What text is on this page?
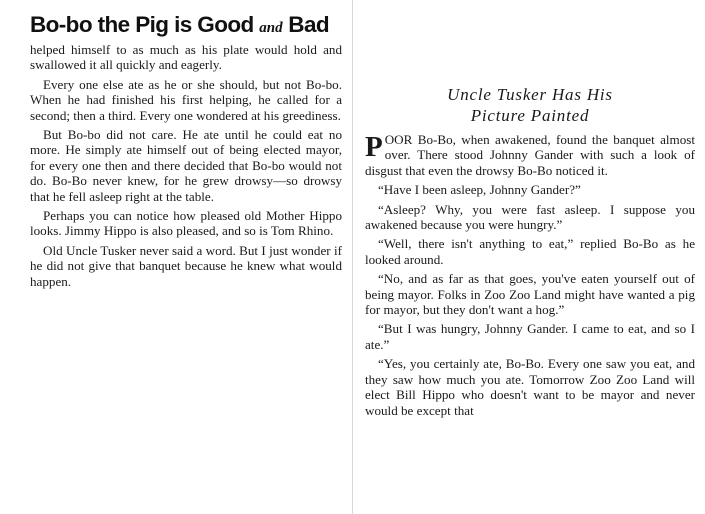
Bo-bo the Pig is Good and Bad

helped himself to as much as his plate would hold and swallowed it all quickly and eagerly.

Every one else ate as he or she should, but not Bo-bo. When he had finished his first helping, he called for a second; then a third. Every one wondered at his greediness.

But Bo-bo did not care. He ate until he could eat no more. He simply ate himself out of being elected mayor, for every one then and there decided that Bo-bo would not do. Bo-Bo never knew, for he grew drowsy—so drowsy that he fell asleep right at the table.

Perhaps you can notice how pleased old Mother Hippo looks. Jimmy Hippo is also pleased, and so is Tom Rhino.

Old Uncle Tusker never said a word. But I just wonder if he did not give that banquet because he knew what would happen.

Uncle Tusker Has His
Picture Painted

POOR Bo-Bo, when awakened, found the banquet almost over. There stood Johnny Gander with such a look of disgust that even the drowsy Bo-Bo noticed it.

“Have I been asleep, Johnny Gander?”

“Asleep? Why, you were fast asleep. I suppose you awakened because you were hungry.”

“Well, there isn't anything to eat,” replied Bo-Bo as he looked around.

“No, and as far as that goes, you've eaten yourself out of being mayor. Folks in Zoo Zoo Land might have wanted a pig for mayor, but they don't want a hog.”

“But I was hungry, Johnny Gander. I came to eat, and so I ate.”

“Yes, you certainly ate, Bo-Bo. Every one saw you eat, and they saw how much you ate. Tomorrow Zoo Zoo Land will elect Bill Hippo who doesn't want to be mayor and never would be except that
